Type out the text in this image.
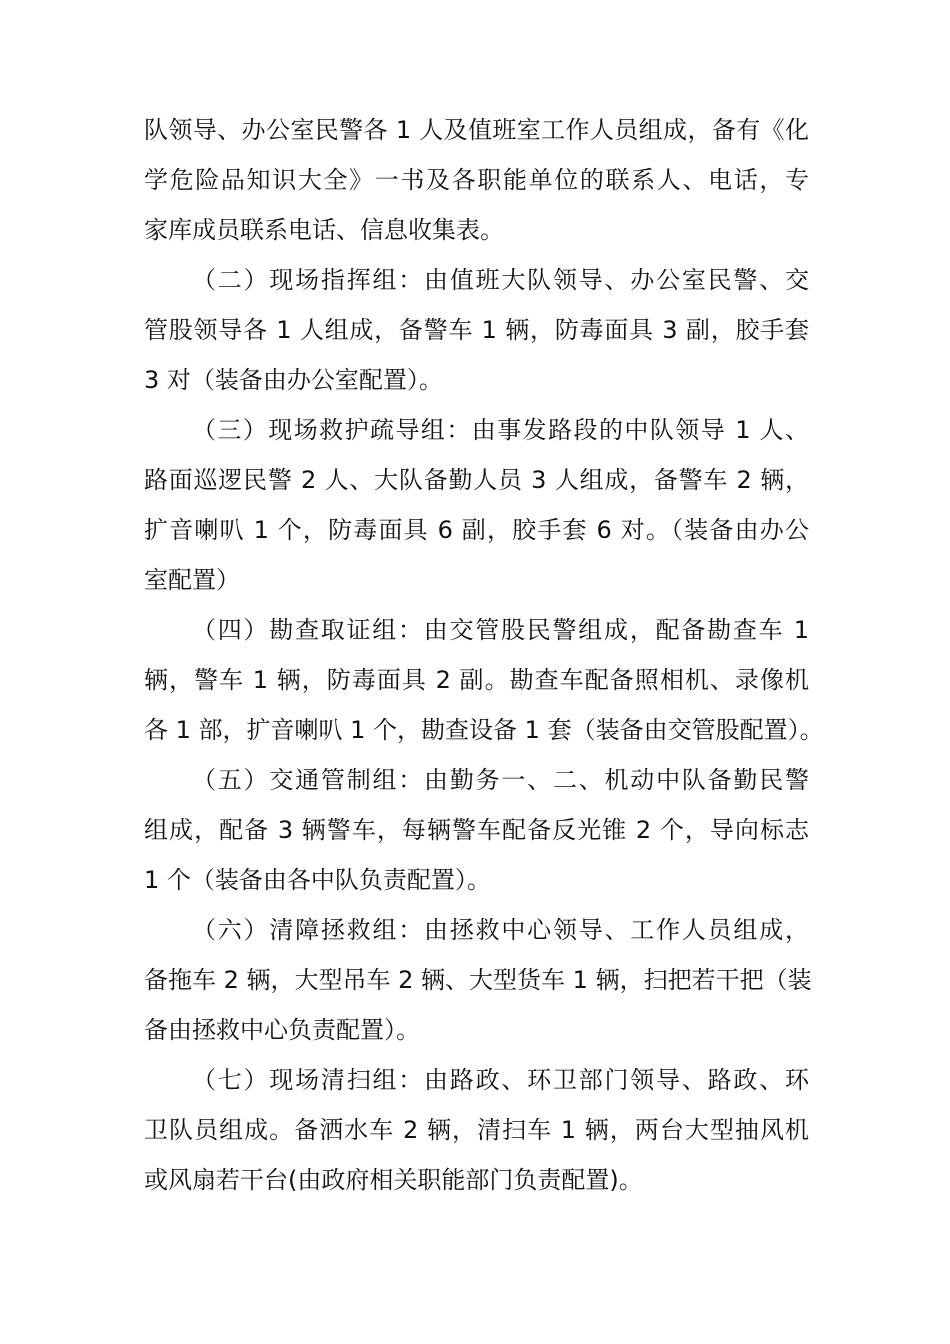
队领导、办公室民警各 1 人及值班室工作人员组成，备有《化
学危险品知识大全》一书及各职能单位的联系人、电话，专
家库成员联系电话、信息收集表。
（二）现场指挥组：由值班大队领导、办公室民警、交
管股领导各 1 人组成，备警车 1 辆，防毒面具 3 副，胶手套
3 对（装备由办公室配置）。
（三）现场救护疏导组：由事发路段的中队领导 1 人、
路面巡逻民警 2 人、大队备勤人员 3 人组成，备警车 2 辆，
扩音喇叭 1 个，防毒面具 6 副，胶手套 6 对。（装备由办公
室配置）
（四）勘查取证组：由交管股民警组成，配备勘查车 1
辆，警车 1 辆，防毒面具 2 副。勘查车配备照相机、录像机
各 1 部，扩音喇叭 1 个，勘查设备 1 套（装备由交管股配置）。
（五）交通管制组：由勤务一、二、机动中队备勤民警
组成，配备 3 辆警车，每辆警车配备反光锥 2 个，导向标志
1 个（装备由各中队负责配置）。
（六）清障拯救组：由拯救中心领导、工作人员组成，
备拖车 2 辆，大型吊车 2 辆、大型货车 1 辆，扫把若干把（装
备由拯救中心负责配置）。
（七）现场清扫组：由路政、环卫部门领导、路政、环
卫队员组成。备洒水车 2 辆，清扫车 1 辆，两台大型抽风机
或风扇若干台(由政府相关职能部门负责配置)。
